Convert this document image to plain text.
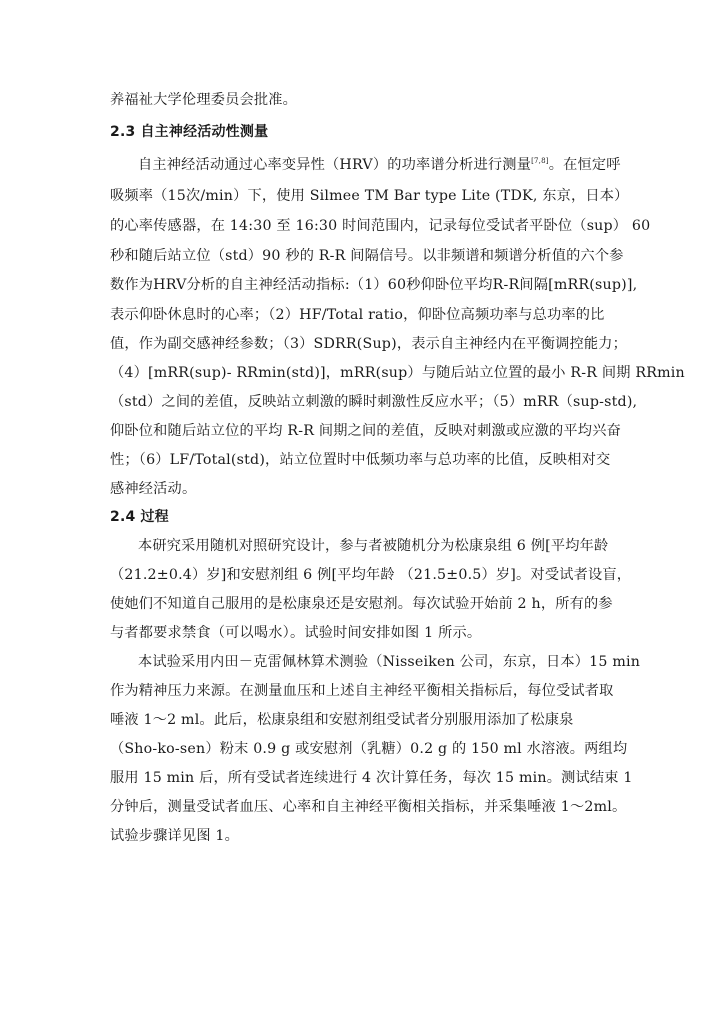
养福祉大学伦理委员会批准。
2.3 自主神经活动性测量
自主神经活动通过心率变异性（HRV）的功率谱分析进行测量[7,8]。在恒定呼
吸频率（15次/min）下，使用 Silmee TM Bar type Lite (TDK, 东京，日本）
的心率传感器，在 14:30 至 16:30 时间范围内，记录每位受试者平卧位（sup） 60
秒和随后站立位（std）90 秒的 R-R 间隔信号。以非频谱和频谱分析值的六个参
数作为HRV分析的自主神经活动指标:（1）60秒仰卧位平均R-R间隔[mRR(sup)],
表示仰卧休息时的心率；（2）HF/Total ratio，仰卧位高频功率与总功率的比
值，作为副交感神经参数；（3）SDRR(Sup)，表示自主神经内在平衡调控能力；
（4）[mRR(sup)- RRmin(std)]，mRR(sup）与随后站立位置的最小 R-R 间期 RRmin
（std）之间的差值，反映站立刺激的瞬时刺激性反应水平；（5）mRR（sup-std),
仰卧位和随后站立位的平均 R-R 间期之间的差值，反映对刺激或应激的平均兴奋
性；（6）LF/Total(std)，站立位置时中低频功率与总功率的比值，反映相对交
感神经活动。
2.4 过程
本研究采用随机对照研究设计，参与者被随机分为松康泉组 6 例[平均年龄
（21.2±0.4）岁]和安慰剂组 6 例[平均年龄 （21.5±0.5）岁]。对受试者设盲，
使她们不知道自己服用的是松康泉还是安慰剂。每次试验开始前 2 h，所有的参
与者都要求禁食（可以喝水）。试验时间安排如图 1 所示。
本试验采用内田－克雷佩林算术测验（Nisseiken 公司，东京，日本）15 min
作为精神压力来源。在测量血压和上述自主神经平衡相关指标后，每位受试者取
唾液 1～2 ml。此后，松康泉组和安慰剂组受试者分别服用添加了松康泉
（Sho-ko-sen）粉末 0.9 g 或安慰剂（乳糖）0.2 g 的 150 ml 水溶液。两组均
服用 15 min 后，所有受试者连续进行 4 次计算任务，每次 15 min。测试结束 1
分钟后，测量受试者血压、心率和自主神经平衡相关指标，并采集唾液 1～2ml。
试验步骤详见图 1。
